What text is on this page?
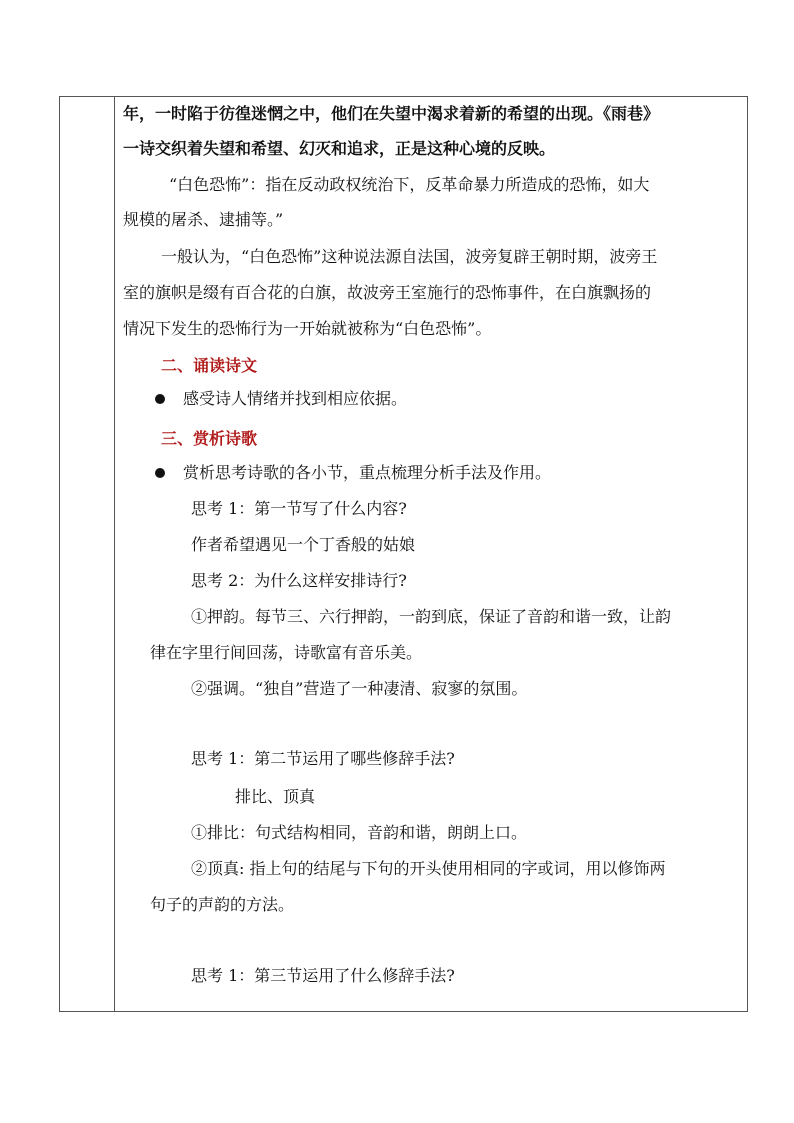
年，一时陷于彷徨迷惘之中，他们在失望中渴求着新的希望的出现。《雨巷》
一诗交织着失望和希望、幻灭和追求，正是这种心境的反映。
“白色恐怖”：指在反动政权统治下，反革命暴力所造成的恐怖，如大
规模的屠杀、逮捕等。”
一般认为，“白色恐怖”这种说法源自法国，波旁复辟王朝时期，波旁王
室的旗帜是缀有百合花的白旗，故波旁王室施行的恐怖事件，在白旗飘扬的
情况下发生的恐怖行为一开始就被称为“白色恐怖”。
二、诵读诗文
感受诗人情绪并找到相应依据。
三、赏析诗歌
赏析思考诗歌的各小节，重点梳理分析手法及作用。
思考 1：第一节写了什么内容?
作者希望遇见一个丁香般的姑娘
思考 2：为什么这样安排诗行?
①押韵。每节三、六行押韵，一韵到底，保证了音韵和谐一致，让韵
律在字里行间回荡，诗歌富有音乐美。
②强调。“独自”营造了一种凄清、寂寥的氛围。
思考 1：第二节运用了哪些修辞手法?
排比、顶真
①排比：句式结构相同，音韵和谐，朗朗上口。
②顶真: 指上句的结尾与下句的开头使用相同的字或词，用以修饰两
句子的声韵的方法。
思考 1：第三节运用了什么修辞手法?
